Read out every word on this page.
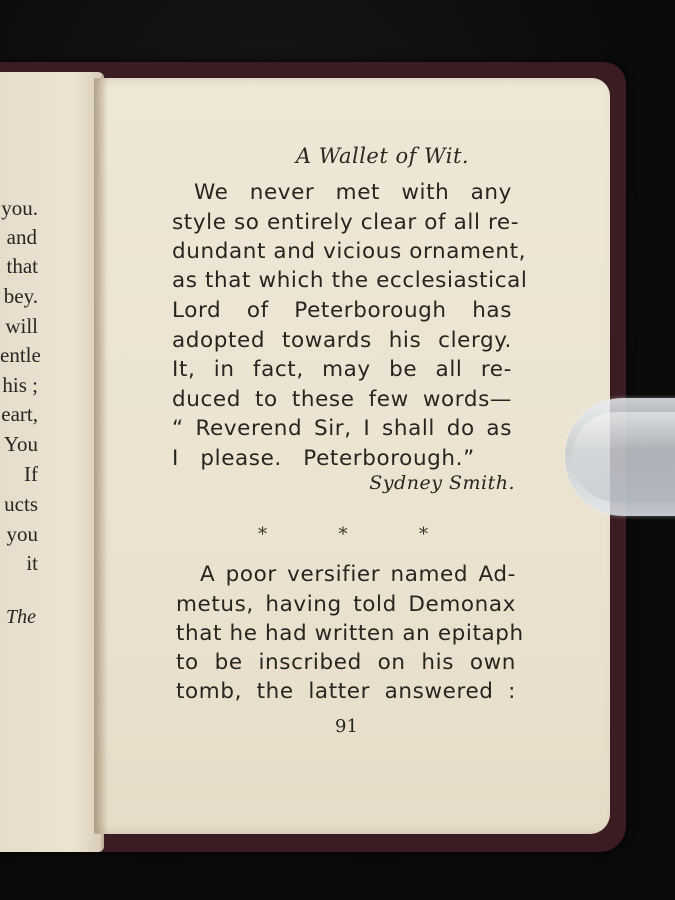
you.
and
that
bey.
will
entle
his ;
eart,
You
If
ucts
you
it
The
A Wallet of Wit.
We never met with any
style so entirely clear of all re-
dundant and vicious ornament,
as that which the ecclesiastical
Lord of Peterborough has
adopted towards his clergy.
It, in fact, may be all re-
duced to these few words—
“ Reverend Sir, I shall do as
I please. Peterborough.”
Sydney Smith.
*	*	*
A poor versifier named Ad-
metus, having told Demonax
that he had written an epitaph
to be inscribed on his own
tomb, the latter answered :
91
